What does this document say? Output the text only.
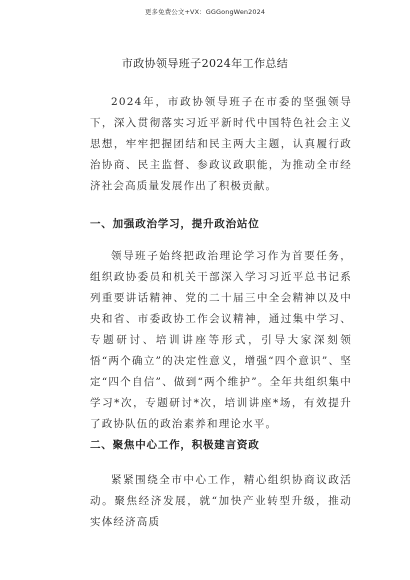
更多免费公文+VX：GGGongWen2024
市政协领导班子2024年工作总结

2024年，市政协领导班子在市委的坚强领导下，深入贯彻落实习近平新时代中国特色社会主义思想，牢牢把握团结和民主两大主题，认真履行政治协商、民主监督、参政议政职能，为推动全市经济社会高质量发展作出了积极贡献。

一、加强政治学习，提升政治站位

领导班子始终把政治理论学习作为首要任务，组织政协委员和机关干部深入学习习近平总书记系列重要讲话精神、党的二十届三中全会精神以及中央和省、市委政协工作会议精神，通过集中学习、专题研讨、培训讲座等形式，引导大家深刻领悟“两个确立”的决定性意义，增强“四个意识”、坚定“四个自信”、做到“两个维护”。全年共组织集中学习*次，专题研讨*次，培训讲座*场，有效提升了政协队伍的政治素养和理论水平。

二、聚焦中心工作，积极建言资政

紧紧围绕全市中心工作，精心组织协商议政活动。聚焦经济发展，就“加快产业转型升级，推动实体经济高质
